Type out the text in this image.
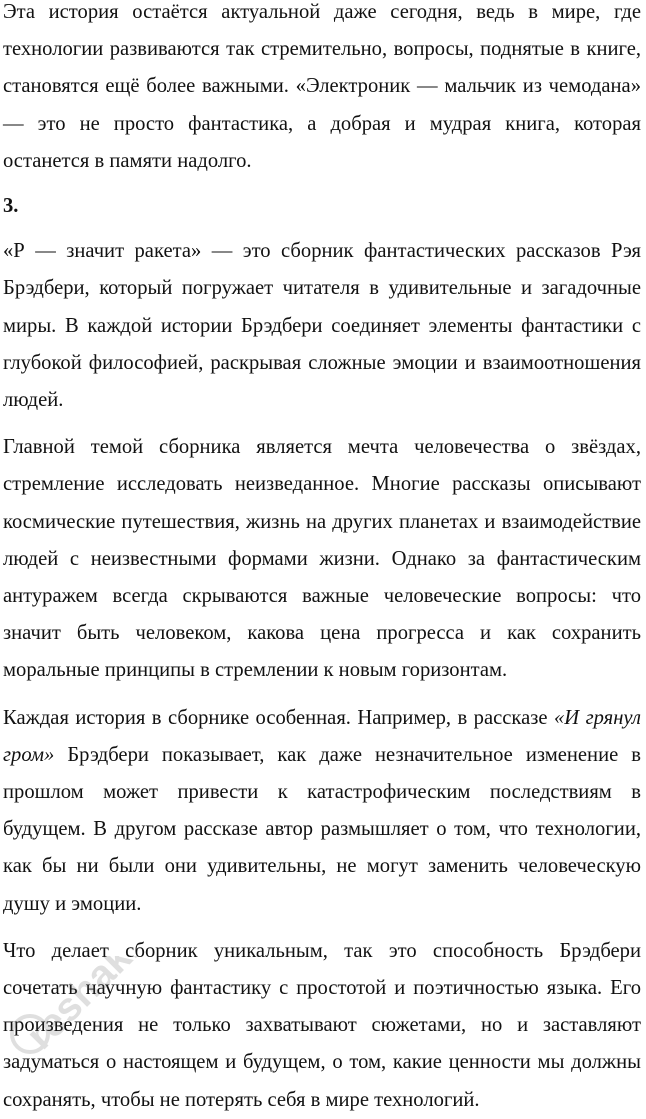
Эта история остаётся актуальной даже сегодня, ведь в мире, где технологии развиваются так стремительно, вопросы, поднятые в книге, становятся ещё более важными. «Электроник — мальчик из чемодана» — это не просто фантастика, а добрая и мудрая книга, которая останется в памяти надолго.

3.

«Р — значит ракета» — это сборник фантастических рассказов Рэя Брэдбери, который погружает читателя в удивительные и загадочные миры. В каждой истории Брэдбери соединяет элементы фантастики с глубокой философией, раскрывая сложные эмоции и взаимоотношения людей.

Главной темой сборника является мечта человечества о звёздах, стремление исследовать неизведанное. Многие рассказы описывают космические путешествия, жизнь на других планетах и взаимодействие людей с неизвестными формами жизни. Однако за фантастическим антуражем всегда скрываются важные человеческие вопросы: что значит быть человеком, какова цена прогресса и как сохранить моральные принципы в стремлении к новым горизонтам.

Каждая история в сборнике особенная. Например, в рассказе «И грянул гром» Брэдбери показывает, как даже незначительное изменение в прошлом может привести к катастрофическим последствиям в будущем. В другом рассказе автор размышляет о том, что технологии, как бы ни были они удивительны, не могут заменить человеческую душу и эмоции.

Что делает сборник уникальным, так это способность Брэдбери сочетать научную фантастику с простотой и поэтичностью языка. Его произведения не только захватывают сюжетами, но и заставляют задуматься о настоящем и будущем, о том, какие ценности мы должны сохранять, чтобы не потерять себя в мире технологий.

reshak.ru
